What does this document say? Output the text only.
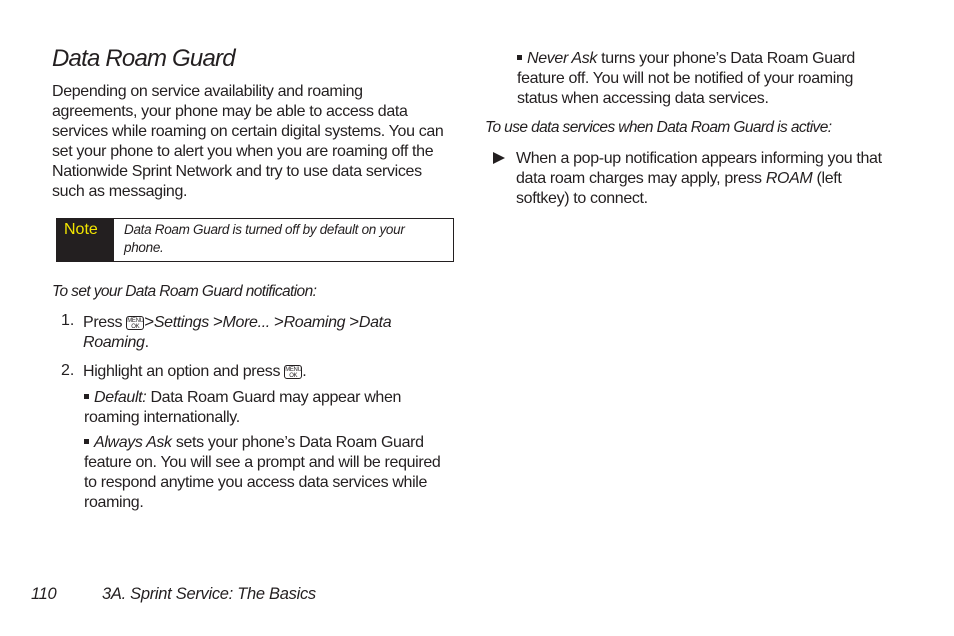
Data Roam Guard
Depending on service availability and roaming agreements, your phone may be able to access data services while roaming on certain digital systems. You can set your phone to alert you when you are roaming off the Nationwide Sprint Network and try to use data services such as messaging.
Note	Data Roam Guard is turned off by default on your phone.
To set your Data Roam Guard notification:
1. Press MENU
OK >Settings >More... >Roaming >Data Roaming.
2. Highlight an option and press MENU
OK .
Default: Data Roam Guard may appear when roaming internationally.
Always Ask sets your phone’s Data Roam Guard feature on. You will see a prompt and will be required to respond anytime you access data services while roaming.
Never Ask turns your phone’s Data Roam Guard feature off. You will not be notified of your roaming status when accessing data services.
To use data services when Data Roam Guard is active:
When a pop-up notification appears informing you that data roam charges may apply, press ROAM (left softkey) to connect.
110	3A. Sprint Service: The Basics
